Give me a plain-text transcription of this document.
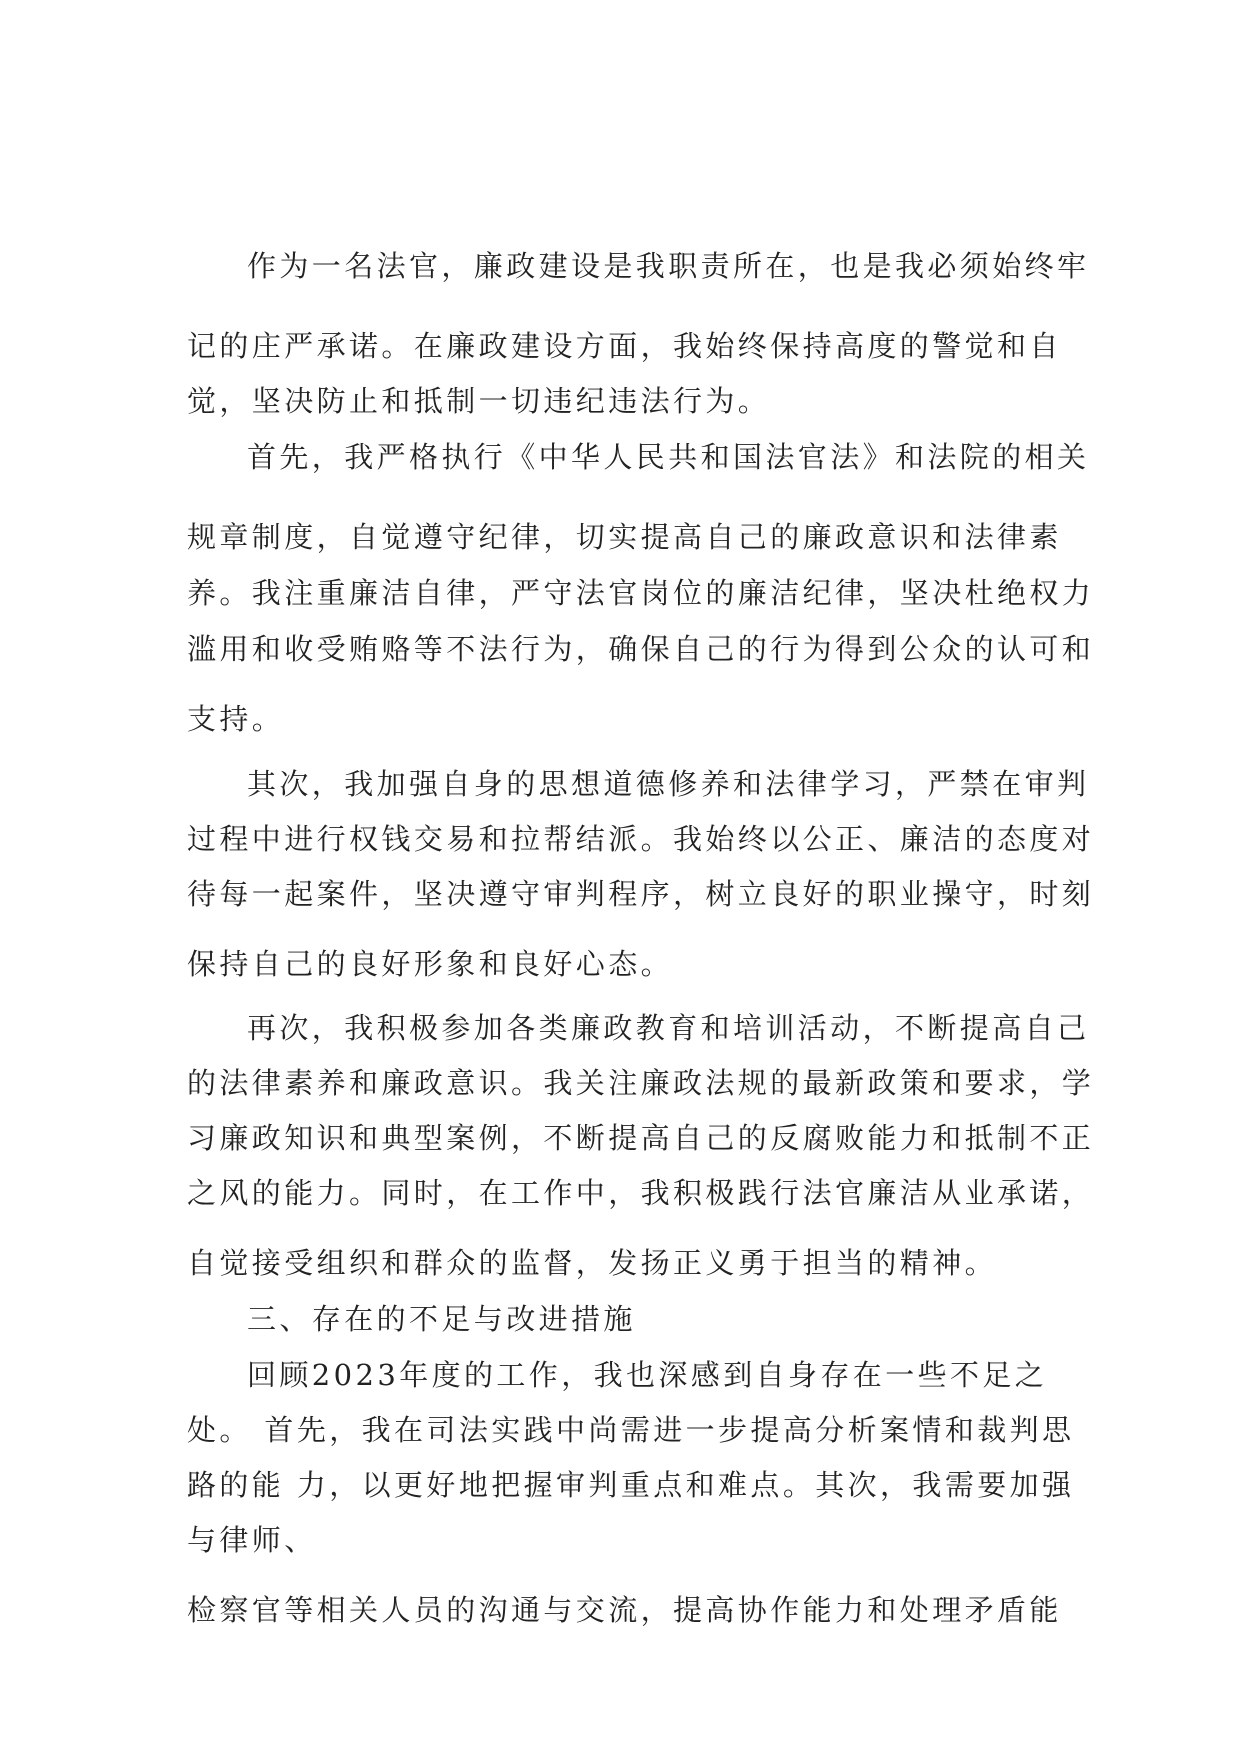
作为一名法官，廉政建设是我职责所在，也是我必须始终牢

记的庄严承诺。在廉政建设方面，我始终保持高度的警觉和自

觉，坚决防止和抵制一切违纪违法行为。

首先，我严格执行《中华人民共和国法官法》和法院的相关

规章制度，自觉遵守纪律，切实提高自己的廉政意识和法律素

养。我注重廉洁自律，严守法官岗位的廉洁纪律，坚决杜绝权力

滥用和收受贿赂等不法行为，确保自己的行为得到公众的认可和

支持。

其次，我加强自身的思想道德修养和法律学习，严禁在审判

过程中进行权钱交易和拉帮结派。我始终以公正、廉洁的态度对

待每一起案件，坚决遵守审判程序，树立良好的职业操守，时刻

保持自己的良好形象和良好心态。

再次，我积极参加各类廉政教育和培训活动，不断提高自己

的法律素养和廉政意识。我关注廉政法规的最新政策和要求，学

习廉政知识和典型案例，不断提高自己的反腐败能力和抵制不正

之风的能力。同时，在工作中，我积极践行法官廉洁从业承诺，

自觉接受组织和群众的监督，发扬正义勇于担当的精神。

三、存在的不足与改进措施

回顾2023年度的工作，我也深感到自身存在一些不足之

处。 首先，我在司法实践中尚需进一步提高分析案情和裁判思

路的能 力，以更好地把握审判重点和难点。其次，我需要加强

与律师、

检察官等相关人员的沟通与交流，提高协作能力和处理矛盾能
